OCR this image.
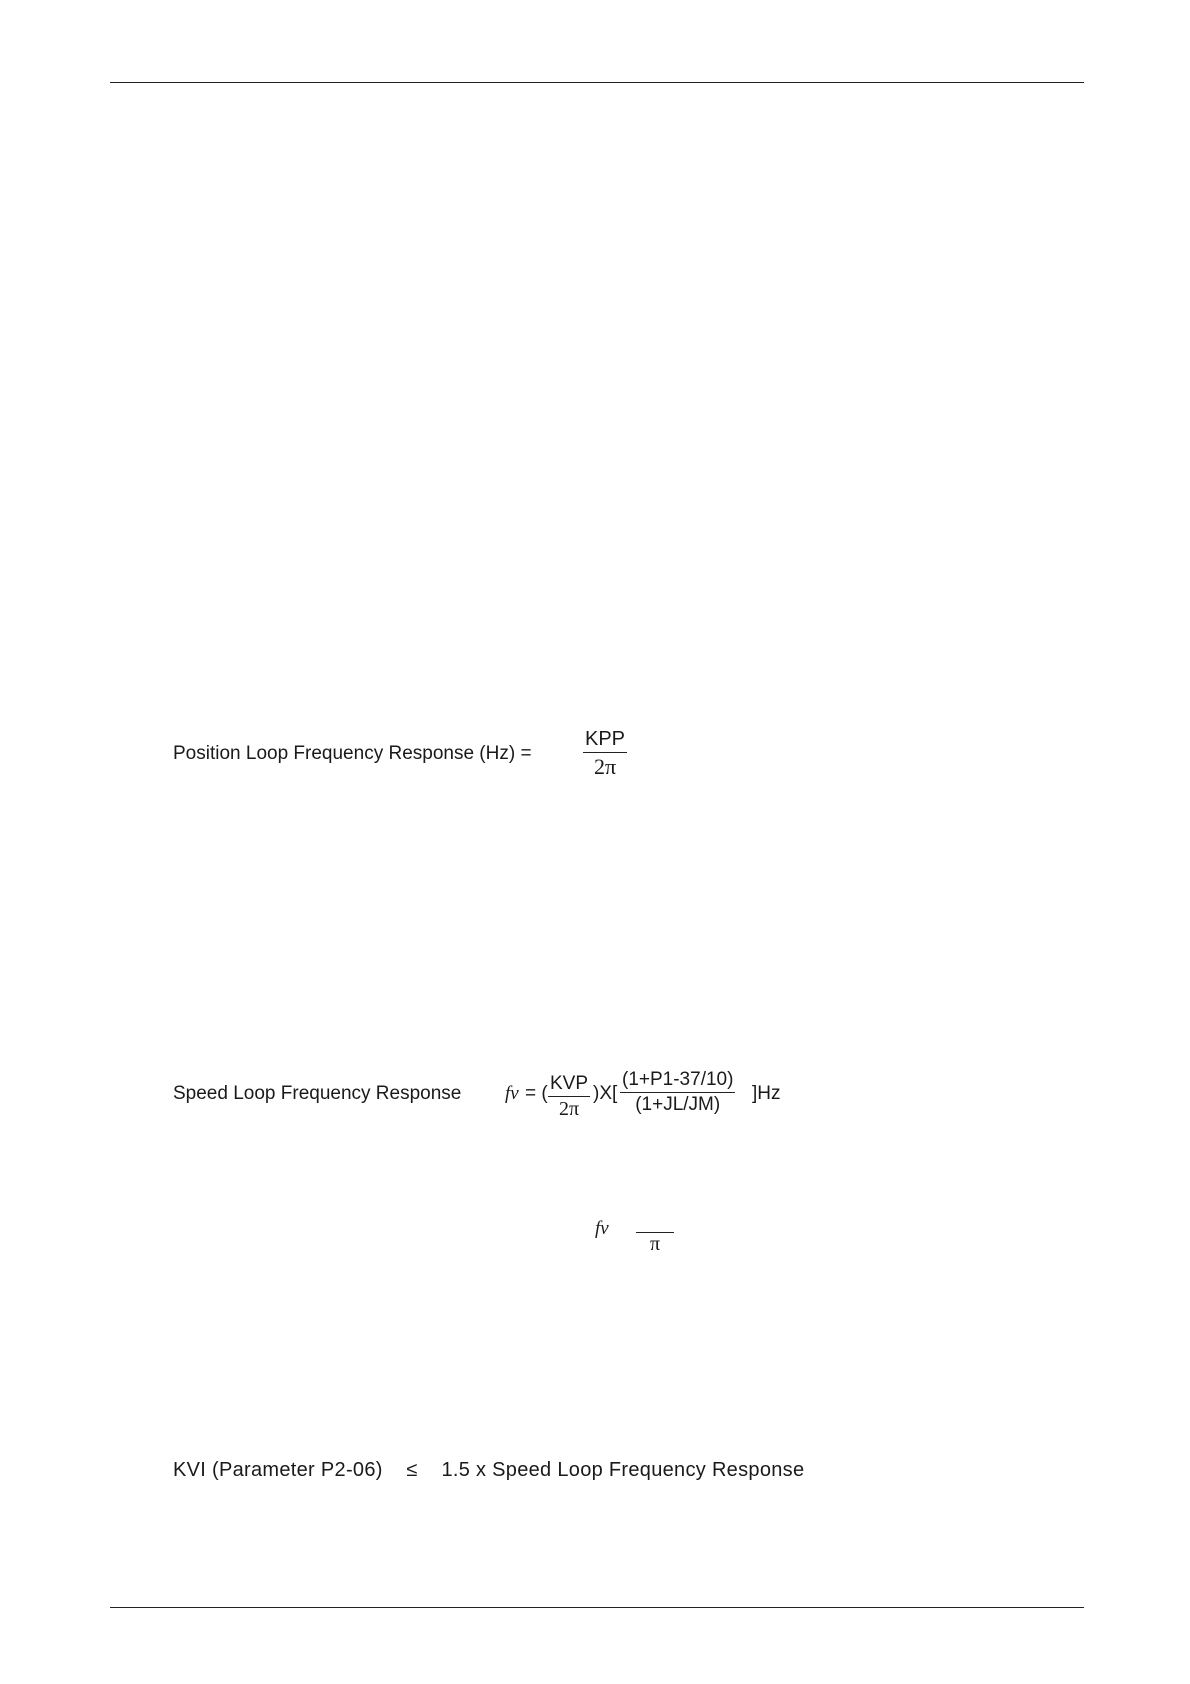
Position Loop Frequency Response (Hz) =
KPP
2π
Speed Loop Frequency Response fv = ( KVP
2π
)X[
(1+P1-37/10)
(1+JL/JM)
]Hz
fν
π
KVI (Parameter P2-06) ≤ 1.5 x Speed Loop Frequency Response
